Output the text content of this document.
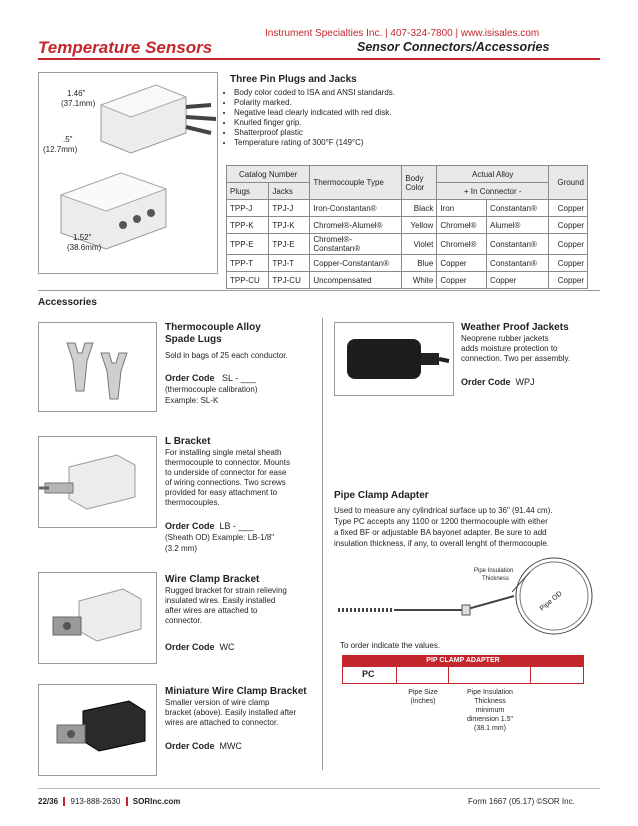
Instrument Specialties Inc. | 407-324-7800 | www.isisales.com
Temperature Sensors	Sensor Connectors/Accessories
1.46"
(37.1mm)
.5"
(12.7mm)
1.52"
(38.6mm)
Three Pin Plugs and Jacks
• Body color coded to ISA and ANSI standards.
• Polarity marked.
• Negative lead clearly indicated with red disk.
• Knurled finger grip.
• Shatterproof plastic
• Temperature rating of 300°F (149°C)
Catalog Number		Thermocouple Type	Body Color	Actual Alloy		Ground
Plugs	Jacks			+ In Connector -		
TPP-J	TPJ-J	Iron-Constantan®	Black	Iron	Constantan®	Copper
TPP-K	TPJ-K	Chromel®-Alumel®	Yellow	Chromel®	Alumel®	Copper
TPP-E	TPJ-E	Chromel®-Constantan®	Violet	Chromel®	Constantan®	Copper
TPP-T	TPJ-T	Copper-Constantan®	Blue	Copper	Constantan®	Copper
TPP-CU	TPJ-CU	Uncompensated	White	Copper	Copper	Copper
Accessories
Thermocouple Alloy
Spade Lugs
Sold in bags of 25 each conductor.
Order Code SL - ___
(thermocouple calibration)
Example: SL-K
L Bracket
For installing single metal sheath
thermocouple to connector. Mounts
to underside of connector for ease
of wiring connections. Two screws
provided for easy attachment to
thermocouples.
Order Code LB - ___
(Sheath OD) Example: LB-1/8"
(3.2 mm)
Wire Clamp Bracket
Rugged bracket for strain relieving
insulated wires. Easily installed
after wires are attached to
connector.
Order Code WC
Miniature Wire Clamp Bracket
Smaller version of wire clamp
bracket (above). Easily installed after
wires are attached to connector.
Order Code MWC
Weather Proof Jackets
Neoprene rubber jackets
adds moisture protection to
connection. Two per assembly.
Order Code WPJ
Pipe Clamp Adapter
Used to measure any cylindrical surface up to 36" (91.44 cm).
Type PC accepts any 1100 or 1200 thermocouple with either
a fixed BF or adjustable BA bayonet adapter. Be sure to add
insulation thickness, if any, to overall lenght of thermocouple.
Pipe Insulation
Thickness
Pipe OD
To order indicate the values.
PIP CLAMP ADAPTER
PC
Pipe Size
(inches)
Pipe Insulation
Thickness
minimum
dimension 1.5"
(38.1 mm)
22/36 913-888-2630 SORInc.com	Form 1667 (05.17) ©SOR Inc.
